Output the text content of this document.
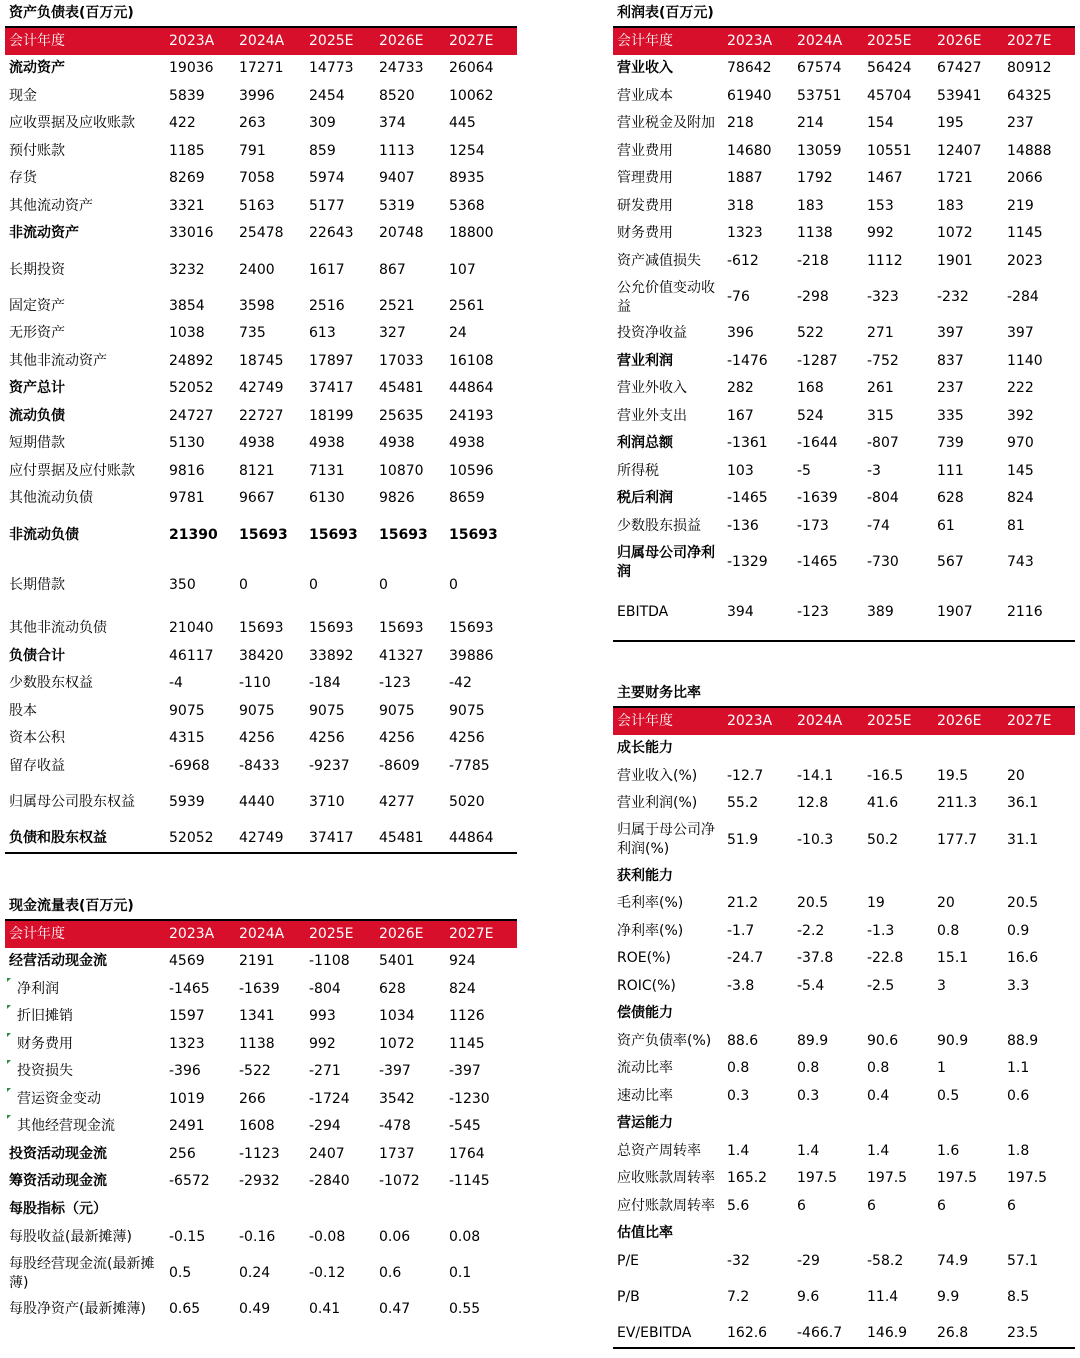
资产负债表(百万元)
会计年度	2023A	2024A	2025E	2026E	2027E
流动资产	19036	17271	14773	24733	26064
现金	5839	3996	2454	8520	10062
应收票据及应收账款	422	263	309	374	445
预付账款	1185	791	859	1113	1254
存货	8269	7058	5974	9407	8935
其他流动资产	3321	5163	5177	5319	5368
非流动资产	33016	25478	22643	20748	18800
长期投资	3232	2400	1617	867	107
固定资产	3854	3598	2516	2521	2561
无形资产	1038	735	613	327	24
其他非流动资产	24892	18745	17897	17033	16108
资产总计	52052	42749	37417	45481	44864
流动负债	24727	22727	18199	25635	24193
短期借款	5130	4938	4938	4938	4938
应付票据及应付账款	9816	8121	7131	10870	10596
其他流动负债	9781	9667	6130	9826	8659
非流动负债	21390	15693	15693	15693	15693
长期借款	350	0	0	0	0
其他非流动负债	21040	15693	15693	15693	15693
负债合计	46117	38420	33892	41327	39886
少数股东权益	-4	-110	-184	-123	-42
股本	9075	9075	9075	9075	9075
资本公积	4315	4256	4256	4256	4256
留存收益	-6968	-8433	-9237	-8609	-7785
归属母公司股东权益	5939	4440	3710	4277	5020
负债和股东权益	52052	42749	37417	45481	44864
利润表(百万元)
会计年度	2023A	2024A	2025E	2026E	2027E
营业收入	78642	67574	56424	67427	80912
营业成本	61940	53751	45704	53941	64325
营业税金及附加	218	214	154	195	237
营业费用	14680	13059	10551	12407	14888
管理费用	1887	1792	1467	1721	2066
研发费用	318	183	153	183	219
财务费用	1323	1138	992	1072	1145
资产减值损失	-612	-218	1112	1901	2023
公允价值变动收益	-76	-298	-323	-232	-284
投资净收益	396	522	271	397	397
营业利润	-1476	-1287	-752	837	1140
营业外收入	282	168	261	237	222
营业外支出	167	524	315	335	392
利润总额	-1361	-1644	-807	739	970
所得税	103	-5	-3	111	145
税后利润	-1465	-1639	-804	628	824
少数股东损益	-136	-173	-74	61	81
归属母公司净利润	-1329	-1465	-730	567	743
EBITDA	394	-123	389	1907	2116
现金流量表(百万元)
会计年度	2023A	2024A	2025E	2026E	2027E
经营活动现金流	4569	2191	-1108	5401	924
净利润	-1465	-1639	-804	628	824
折旧摊销	1597	1341	993	1034	1126
财务费用	1323	1138	992	1072	1145
投资损失	-396	-522	-271	-397	-397
营运资金变动	1019	266	-1724	3542	-1230
其他经营现金流	2491	1608	-294	-478	-545
投资活动现金流	256	-1123	2407	1737	1764
筹资活动现金流	-6572	-2932	-2840	-1072	-1145
每股指标（元）					
每股收益(最新摊薄)	-0.15	-0.16	-0.08	0.06	0.08
每股经营现金流(最新摊薄)	0.5	0.24	-0.12	0.6	0.1
每股净资产(最新摊薄)	0.65	0.49	0.41	0.47	0.55
主要财务比率
会计年度	2023A	2024A	2025E	2026E	2027E
成长能力					
营业收入(%)	-12.7	-14.1	-16.5	19.5	20
营业利润(%)	55.2	12.8	41.6	211.3	36.1
归属于母公司净利润(%)	51.9	-10.3	50.2	177.7	31.1
获利能力					
毛利率(%)	21.2	20.5	19	20	20.5
净利率(%)	-1.7	-2.2	-1.3	0.8	0.9
ROE(%)	-24.7	-37.8	-22.8	15.1	16.6
ROIC(%)	-3.8	-5.4	-2.5	3	3.3
偿债能力					
资产负债率(%)	88.6	89.9	90.6	90.9	88.9
流动比率	0.8	0.8	0.8	1	1.1
速动比率	0.3	0.3	0.4	0.5	0.6
营运能力					
总资产周转率	1.4	1.4	1.4	1.6	1.8
应收账款周转率	165.2	197.5	197.5	197.5	197.5
应付账款周转率	5.6	6	6	6	6
估值比率					
P/E	-32	-29	-58.2	74.9	57.1
P/B	7.2	9.6	11.4	9.9	8.5
EV/EBITDA	162.6	-466.7	146.9	26.8	23.5
